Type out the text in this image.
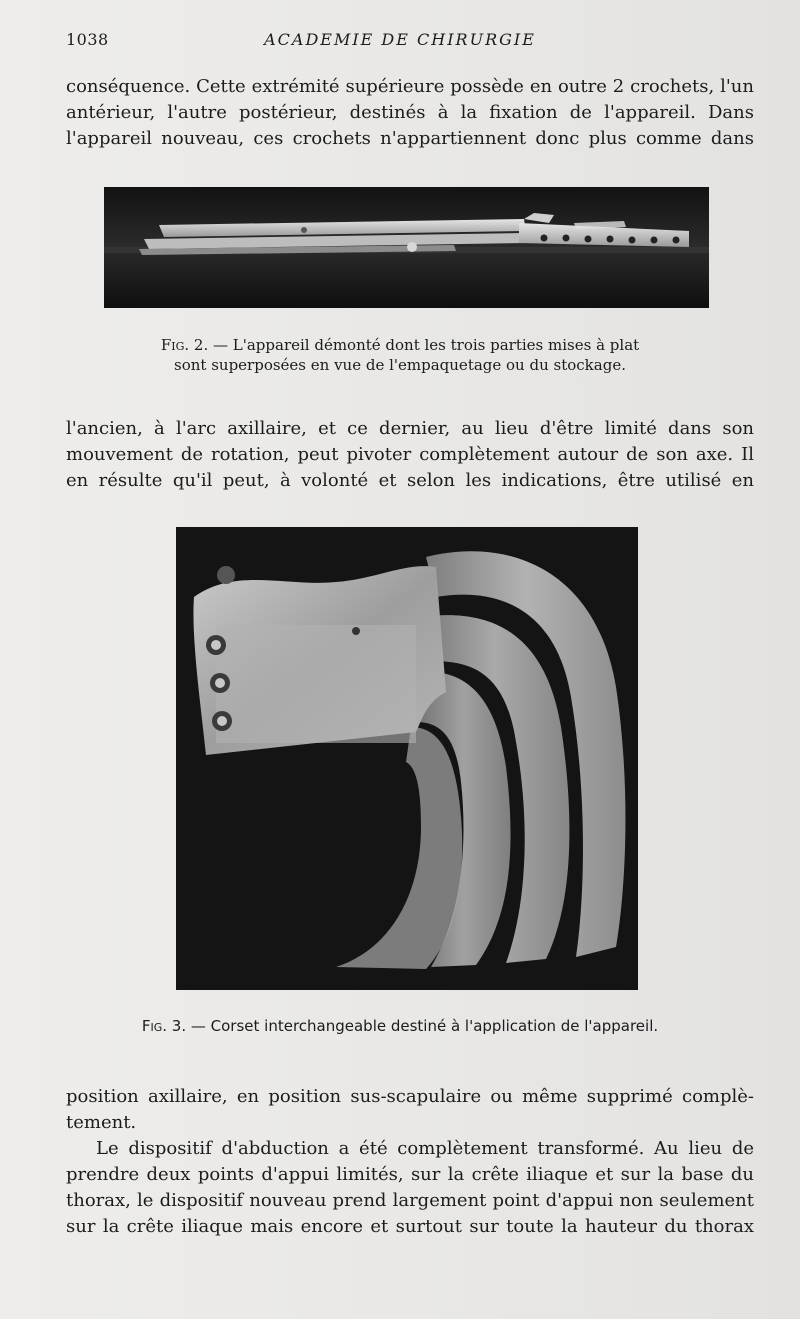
1038	ACADEMIE DE CHIRURGIE
conséquence. Cette extrémité supérieure possède en outre 2 crochets, l'un
antérieur, l'autre postérieur, destinés à la fixation de l'appareil. Dans
l'appareil nouveau, ces crochets n'appartiennent donc plus comme dans
Fig. 2. — L'appareil démonté dont les trois parties mises à plat
sont superposées en vue de l'empaquetage ou du stockage.
l'ancien, à l'arc axillaire, et ce dernier, au lieu d'être limité dans son
mouvement de rotation, peut pivoter complètement autour de son axe. Il
en résulte qu'il peut, à volonté et selon les indications, être utilisé en
Fig. 3. — Corset interchangeable destiné à l'application de l'appareil.
position axillaire, en position sus-scapulaire ou même supprimé complè-
tement.
Le dispositif d'abduction a été complètement transformé. Au lieu de
prendre deux points d'appui limités, sur la crête iliaque et sur la base du
thorax, le dispositif nouveau prend largement point d'appui non seulement
sur la crête iliaque mais encore et surtout sur toute la hauteur du thorax
